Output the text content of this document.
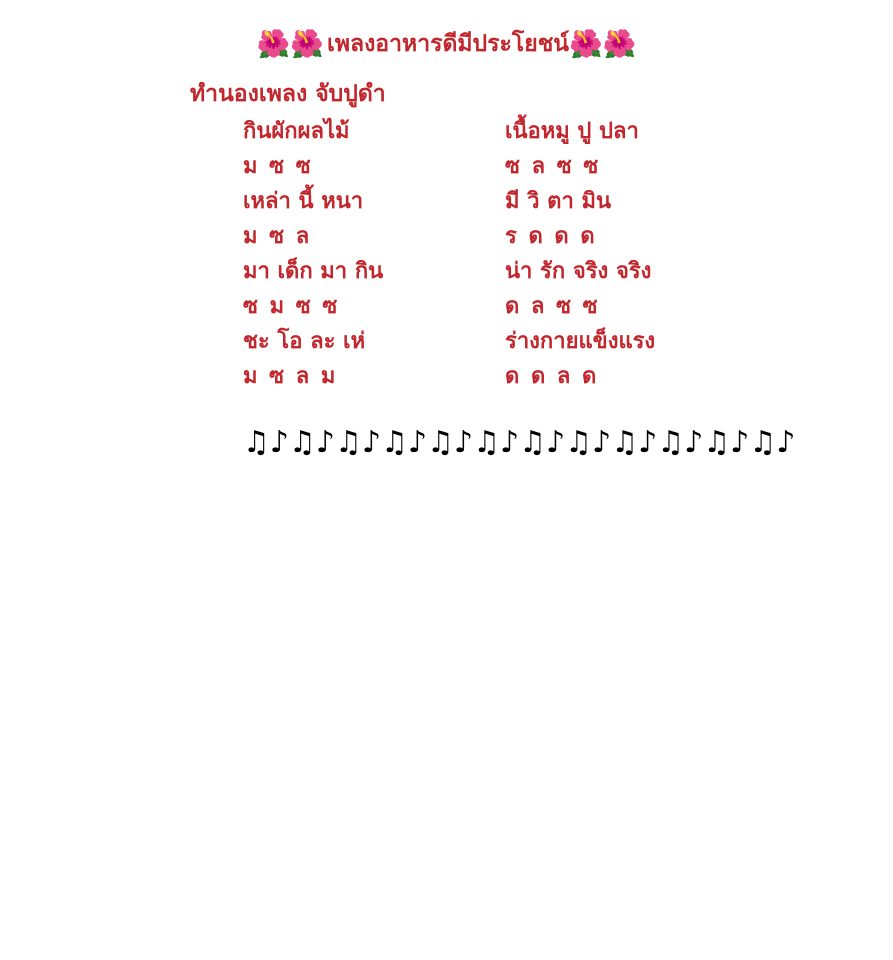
🌺 🌺 เพลงอาหารดีมีประโยชน์ 🌺 🌺
ทำนองเพลง จับปูดำ
กินผักผลไม้	เนื้อหมู ปู ปลา
ม ซ ซ	ซ ล ซ ซ
เหล่า นี้ หนา	มี วิ ตา มิน
ม ซ ล	ร ด ด ด
มา เด็ก มา กิน	น่า รัก จริง จริง
ซ ม ซ ซ	ด ล ซ ซ
ชะ โอ ละ เห่	ร่างกายแข็งแรง
ม ซ ล ม	ด ด ล ด
♫♪♫♪♫♪♫♪♫♪♫♪♫♪♫♪♫♪♫♪♫♪♫♪
